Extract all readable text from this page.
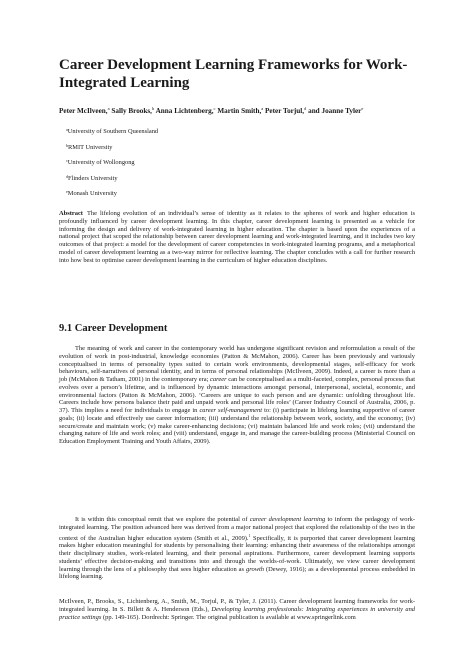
Career Development Learning Frameworks for Work-Integrated Learning
Peter McIlveen,$^a$ Sally Brooks,$^b$ Anna Lichtenberg,$^c$ Martin Smith,$^a$ Peter Torjul,$^d$ and Joanne Tyler$^e$
$^a$University of Southern Queensland
$^b$RMIT University
$^c$University of Wollongong
$^d$Flinders University
$^e$Monash University
Abstract The lifelong evolution of an individual’s sense of identity as it relates to the spheres of work and higher education is profoundly influenced by career development learning. In this chapter, career development learning is presented as a vehicle for informing the design and delivery of work-integrated learning in higher education. The chapter is based upon the experiences of a national project that scoped the relationship between career development learning and work-integrated learning, and it includes two key outcomes of that project: a model for the development of career competencies in work-integrated learning programs, and a metaphorical model of career development learning as a two-way mirror for reflective learning. The chapter concludes with a call for further research into how best to optimise career development learning in the curriculum of higher education disciplines.
9.1 Career Development

The meaning of work and career in the contemporary world has undergone significant revision and reformulation a result of the evolution of work in post-industrial, knowledge economies (Patton & McMahon, 2006). Career has been previously and variously conceptualised in terms of personality types suited to certain work environments, developmental stages, self-efficacy for work behaviours, self-narratives of personal identity, and in terms of personal relationships (McIlveen, 2009). Indeed, a career is more than a job (McMahon & Tatham, 2001) in the contemporary era; career can be conceptualised as a multi-faceted, complex, personal process that evolves over a person’s lifetime, and is influenced by dynamic interactions amongst personal, interpersonal, societal, economic, and environmental factors (Patton & McMahon, 2006). ‘Careers are unique to each person and are dynamic: unfolding throughout life. Careers include how persons balance their paid and unpaid work and personal life roles’ (Career Industry Council of Australia, 2006, p. 37). This implies a need for individuals to engage in career self-management to: (i) participate in lifelong learning supportive of career goals; (ii) locate and effectively use career information; (iii) understand the relationship between work, society, and the economy; (iv) secure/create and maintain work; (v) make career-enhancing decisions; (vi) maintain balanced life and work roles; (vii) understand the changing nature of life and work roles; and (viii) understand, engage in, and manage the career-building process (Ministerial Council on Education Employment Training and Youth Affairs, 2009).

It is within this conceptual remit that we explore the potential of career development learning to inform the pedagogy of work-integrated learning. The position advanced here was derived from a major national project that explored the relationship of the two in the context of the Australian higher education system (Smith et al., 2009).$^1$ Specifically, it is purported that career development learning makes higher education meaningful for students by personalising their learning: enhancing their awareness of the relationships amongst their disciplinary studies, work-related learning, and their personal aspirations. Furthermore, career development learning supports students’ effective decision-making and transitions into and through the worlds-of-work. Ultimately, we view career development learning through the lens of a philosophy that sees higher education as growth (Dewey, 1916); as a developmental process embedded in lifelong learning.

McIlveen, P., Brooks, S., Lichtenberg, A., Smith, M., Torjul, P., & Tyler, J. (2011). Career development learning frameworks for work-integrated learning. In S. Billett & A. Henderson (Eds.), Developing learning professionals: Integrating experiences in university and practice settings (pp. 149-165). Dordrecht: Springer. The original publication is available at www.springerlink.com
